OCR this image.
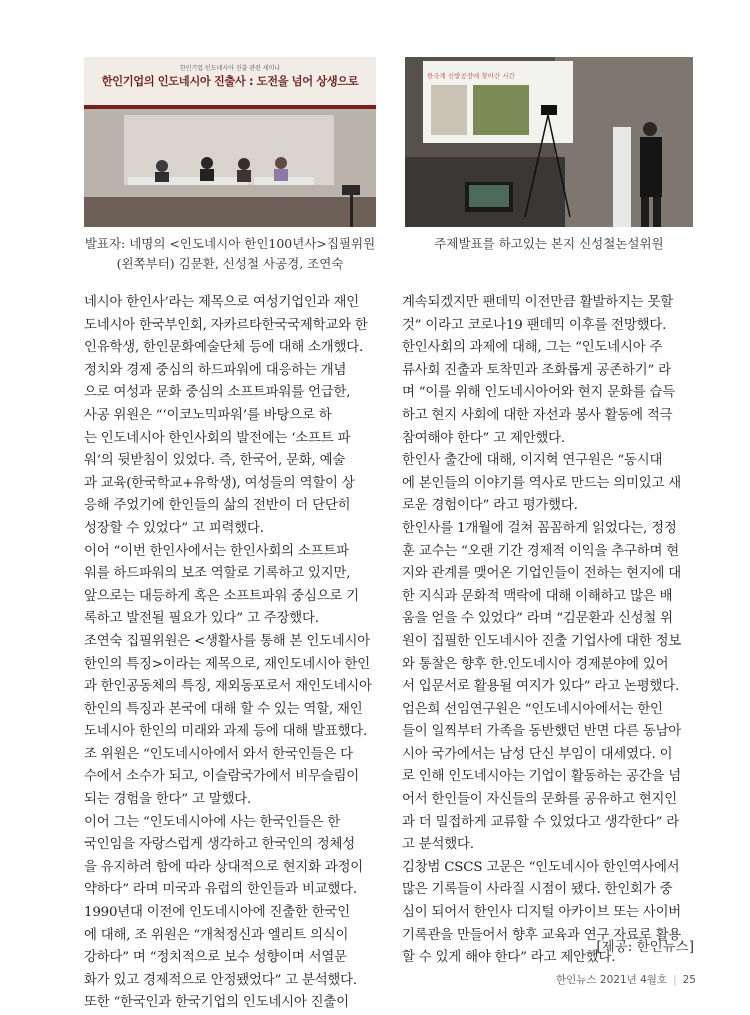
한인기업 인도네시아 진출 관련 세미나
한인기업의 인도네시아 진출사 : 도전을 넘어 상생으로	한국계 신발공장에 찾아간 시간
발표자: 네명의 <인도네시아 한인100년사>집필위원
(왼쪽부터) 김문환, 신성철 사공경, 조연숙
주제발표를 하고있는 본지 신성철논설위원

네시아 한인사’라는 제목으로 여성기업인과 재인
도네시아 한국부인회, 자카르타한국국제학교와 한
인유학생, 한인문화예술단체 등에 대해 소개했다.

정치와 경제 중심의 하드파워에 대응하는 개념
으로 여성과 문화 중심의 소프트파워를 언급한,
사공 위원은 “‘이코노믹파워’를 바탕으로 하
는 인도네시아 한인사회의 발전에는 ‘소프트 파
워’의 뒷받침이 있었다. 즉, 한국어, 문화, 예술
과 교육(한국학교+유학생), 여성들의 역할이 상
응해 주었기에 한인들의 삶의 전반이 더 단단히
성장할 수 있었다” 고 피력했다.

이어 “이번 한인사에서는 한인사회의 소프트파
워를 하드파워의 보조 역할로 기록하고 있지만,
앞으로는 대등하게 혹은 소프트파워 중심으로 기
록하고 발전될 필요가 있다” 고 주장했다.

조연숙 집필위원은 <생활사를 통해 본 인도네시아
한인의 특징>이라는 제목으로, 재인도네시아 한인
과 한인공동체의 특징, 재외동포로서 재인도네시아
한인의 특징과 본국에 대해 할 수 있는 역할, 재인
도네시아 한인의 미래와 과제 등에 대해 발표했다.

조 위원은 “인도네시아에서 와서 한국인들은 다
수에서 소수가 되고, 이슬람국가에서 비무슬림이
되는 경험을 한다” 고 말했다.

이어 그는 “인도네시아에 사는 한국인들은 한
국인임을 자랑스럽게 생각하고 한국인의 정체성
을 유지하려 함에 따라 상대적으로 현지화 과정이
약하다” 라며 미국과 유럽의 한인들과 비교했다.

1990년대 이전에 인도네시아에 진출한 한국인
에 대해, 조 위원은 “개척정신과 엘리트 의식이
강하다” 며 “정치적으로 보수 성향이며 서열문
화가 있고 경제적으로 안정됐었다” 고 분석했다.
또한 “한국인과 한국기업의 인도네시아 진출이

계속되겠지만 팬데믹 이전만큼 활발하지는 못할
것” 이라고 코로나19 팬데믹 이후를 전망했다.

한인사회의 과제에 대해, 그는 “인도네시아 주
류사회 진출과 토착민과 조화롭게 공존하기” 라
며 “이를 위해 인도네시아어와 현지 문화를 습득
하고 현지 사회에 대한 자선과 봉사 활동에 적극
참여해야 한다” 고 제안했다.

한인사 출간에 대해, 이지혁 연구원은 “동시대
에 본인들의 이야기를 역사로 만드는 의미있고 새
로운 경험이다” 라고 평가했다.

한인사를 1개월에 걸쳐 꼼꼼하게 읽었다는, 정정
훈 교수는 “오랜 기간 경제적 이익을 추구하며 현
지와 관계를 맺어온 기업인들이 전하는 현지에 대
한 지식과 문화적 맥락에 대해 이해하고 많은 배
움을 얻을 수 있었다” 라며 “김문환과 신성철 위
원이 집필한 인도네시아 진출 기업사에 대한 정보
와 통찰은 향후 한.인도네시아 경제분야에 있어
서 입문서로 활용될 여지가 있다” 라고 논평했다.

엄은희 선임연구원은 “인도네시아에서는 한인
들이 일찍부터 가족을 동반했던 반면 다른 동남아
시아 국가에서는 남성 단신 부임이 대세였다. 이
로 인해 인도네시아는 기업이 활동하는 공간을 넘
어서 한인들이 자신들의 문화를 공유하고 현지인
과 더 밀접하게 교류할 수 있었다고 생각한다” 라
고 분석했다.

김창범 CSCS 고문은 “인도네시아 한인역사에서
많은 기록들이 사라질 시점이 됐다. 한인회가 중
심이 되어서 한인사 디지털 아카이브 또는 사이버
기록관을 만들어서 향후 교육과 연구 자료로 활용
할 수 있게 해야 한다” 라고 제안했다.

[제공: 한인뉴스]
한인뉴스 2021년 4월호 | 25
